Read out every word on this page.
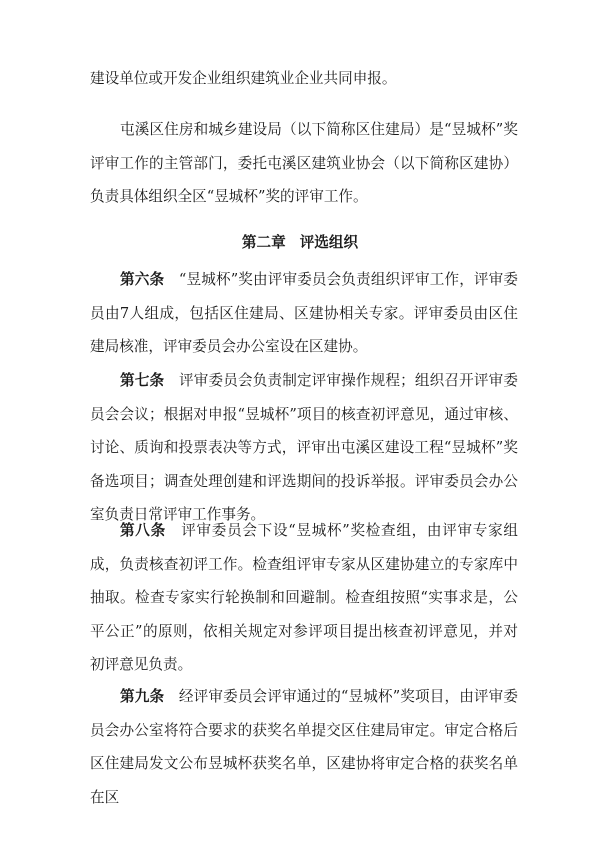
建设单位或开发企业组织建筑业企业共同申报。

屯溪区住房和城乡建设局（以下简称区住建局）是“昱城杯”奖评审工作的主管部门，委托屯溪区建筑业协会（以下简称区建协）负责具体组织全区“昱城杯”奖的评审工作。

第二章 评选组织

第六条　 “昱城杯”奖由评审委员会负责组织评审工作，评审委员由7人组成，包括区住建局、区建协相关专家。评审委员由区住建局核准，评审委员会办公室设在区建协。

第七条　 评审委员会负责制定评审操作规程；组织召开评审委员会会议；根据对申报“昱城杯”项目的核查初评意见，通过审核、讨论、质询和投票表决等方式，评审出屯溪区建设工程“昱城杯”奖备选项目；调查处理创建和评选期间的投诉举报。评审委员会办公室负责日常评审工作事务。

第八条　 评审委员会下设“昱城杯”奖检查组，由评审专家组成，负责核查初评工作。检查组评审专家从区建协建立的专家库中抽取。检查专家实行轮换制和回避制。检查组按照“实事求是，公平公正”的原则，依相关规定对参评项目提出核查初评意见，并对初评意见负责。

第九条　 经评审委员会评审通过的“昱城杯”奖项目，由评审委员会办公室将符合要求的获奖名单提交区住建局审定。审定合格后区住建局发文公布昱城杯获奖名单，区建协将审定合格的获奖名单在区
